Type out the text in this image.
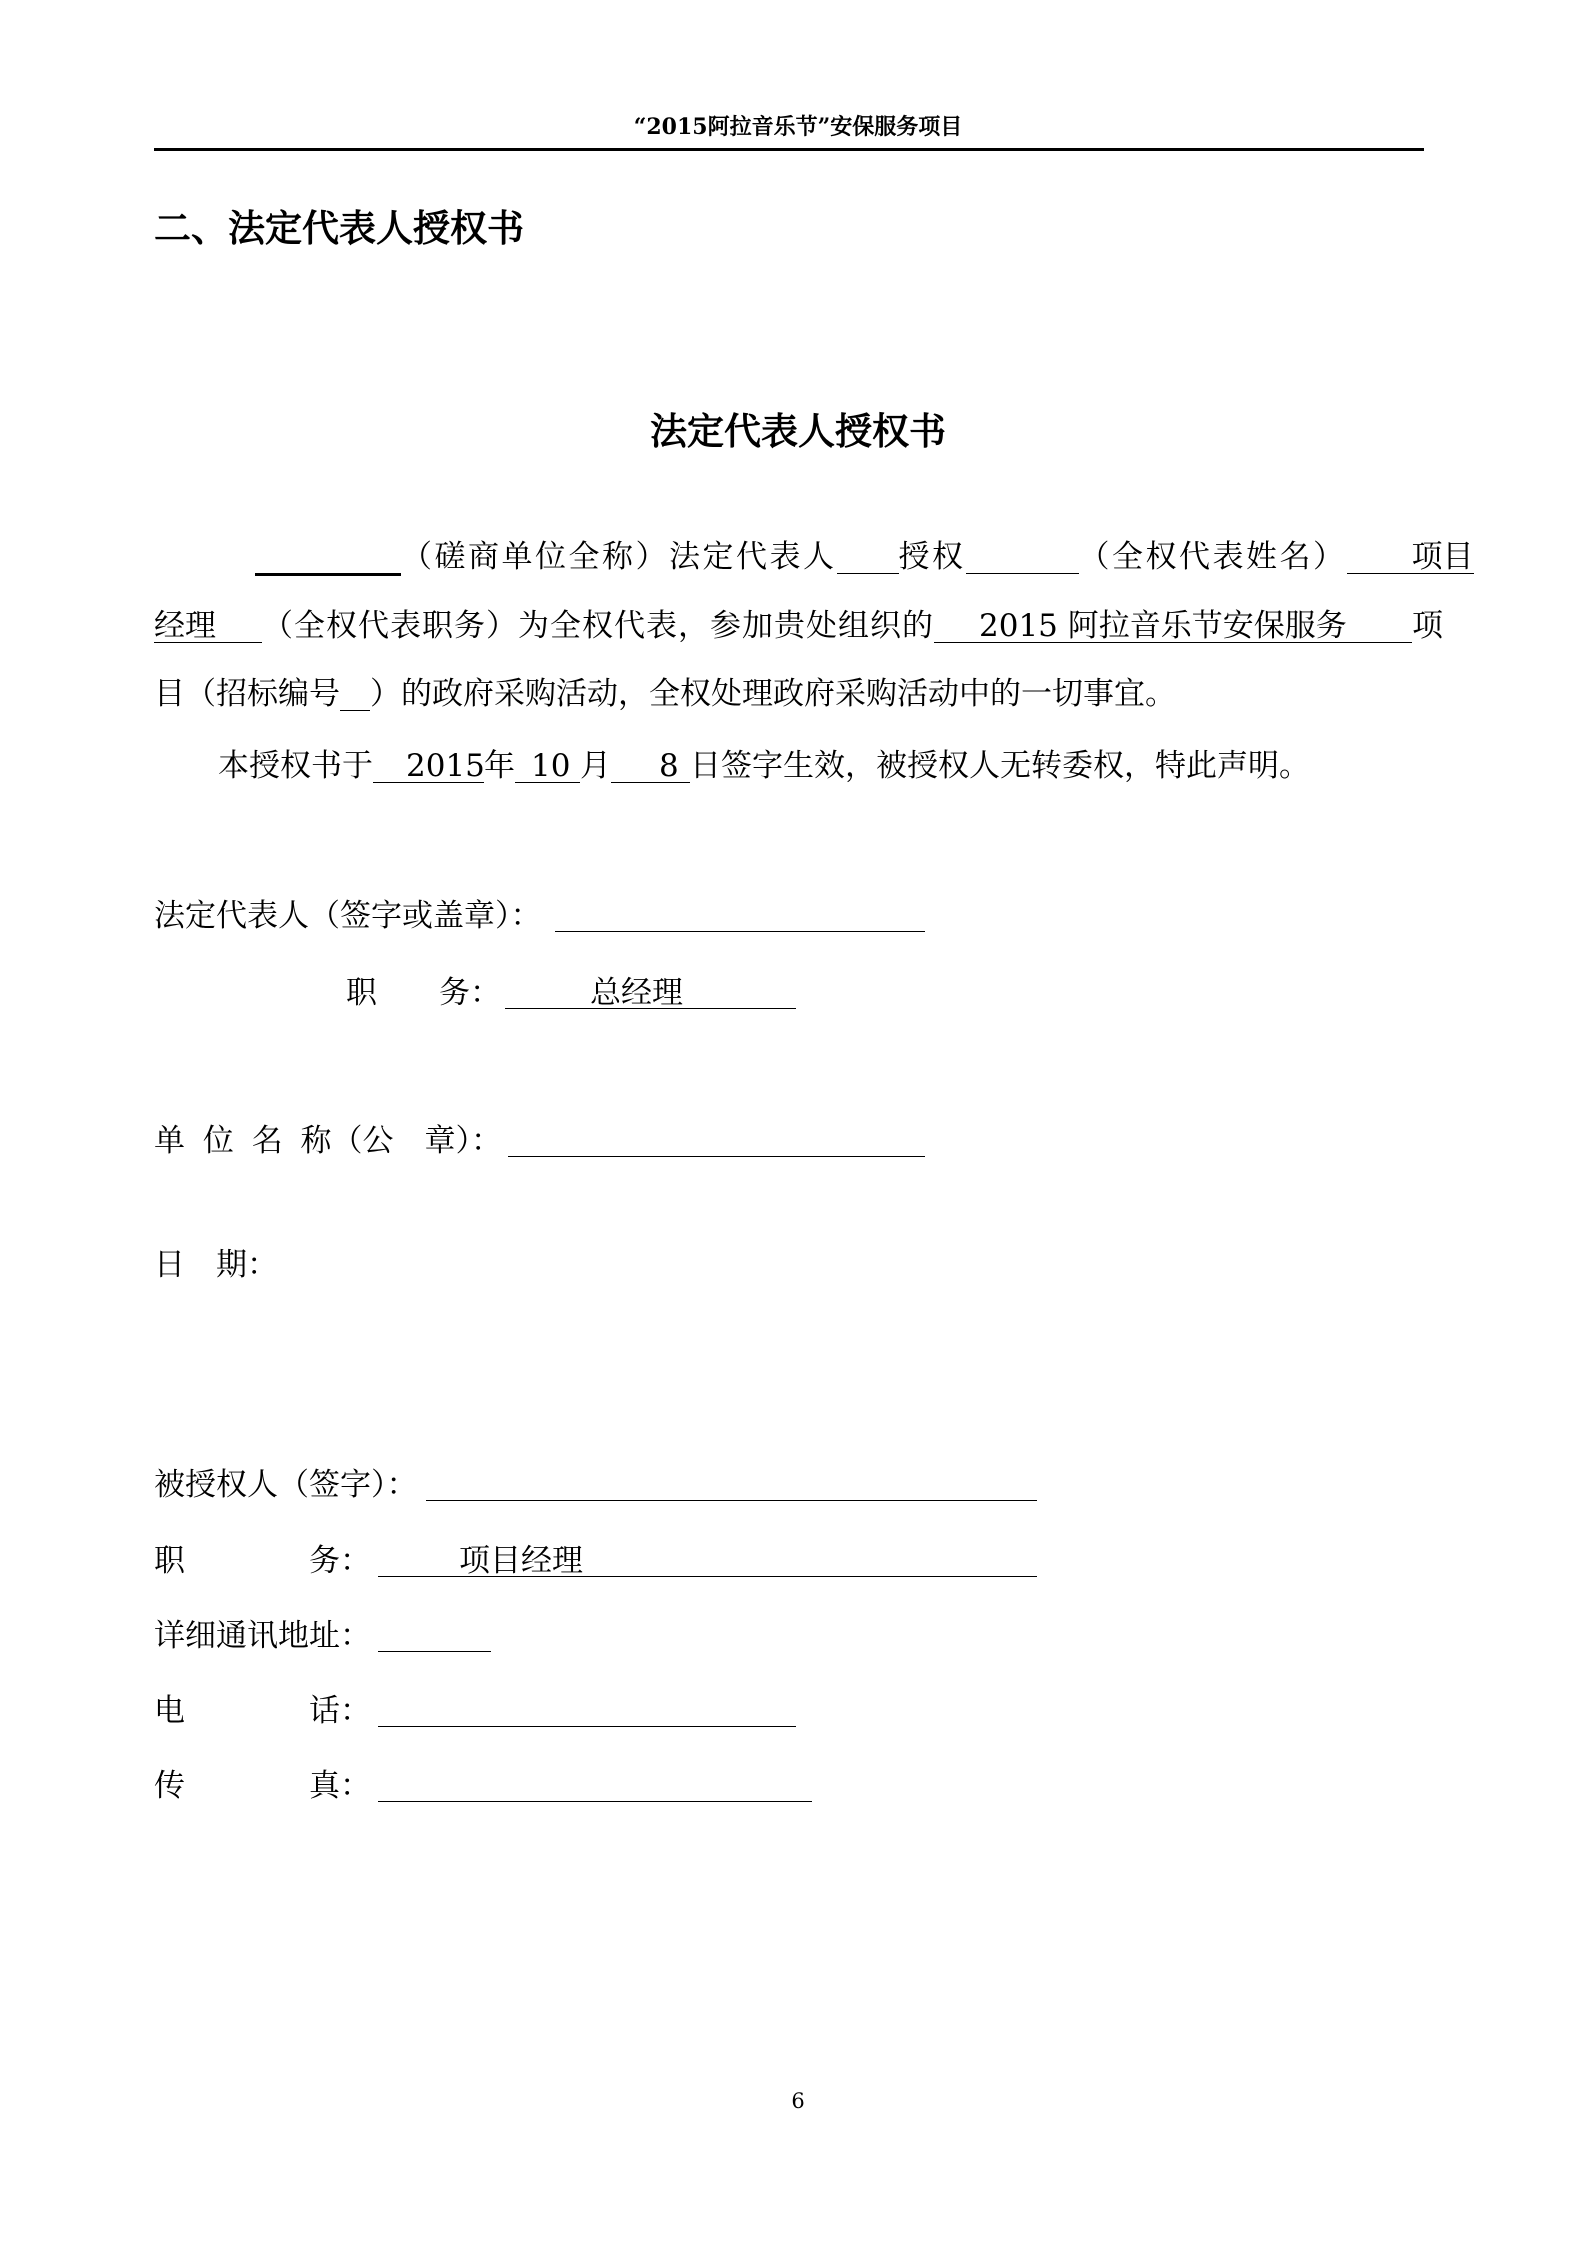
“2015阿拉音乐节”安保服务项目
二、法定代表人授权书
法定代表人授权书
​（磋商单位全称）法定代表人 ​ 授权 ​	（全权代表姓名） 项目
经理 （全权代表职务）为全权代表，参加贵处组织的 2015 阿拉音乐节安保服务 项
目（招标编号 ​ ）的政府采购活动，全权处理政府采购活动中的一切事宜。
本授权书于 2015年 10 月 8 日签字生效，被授权人无转委权，特此声明。
法定代表人（签字或盖章）：
职　　务：	总经理
单 位 名 称（公　章）：
日　期：
被授权人（签字）：
职　　　　务：	项目经理
详细通讯地址：
电　　　　话：
传　　　　真：
6
